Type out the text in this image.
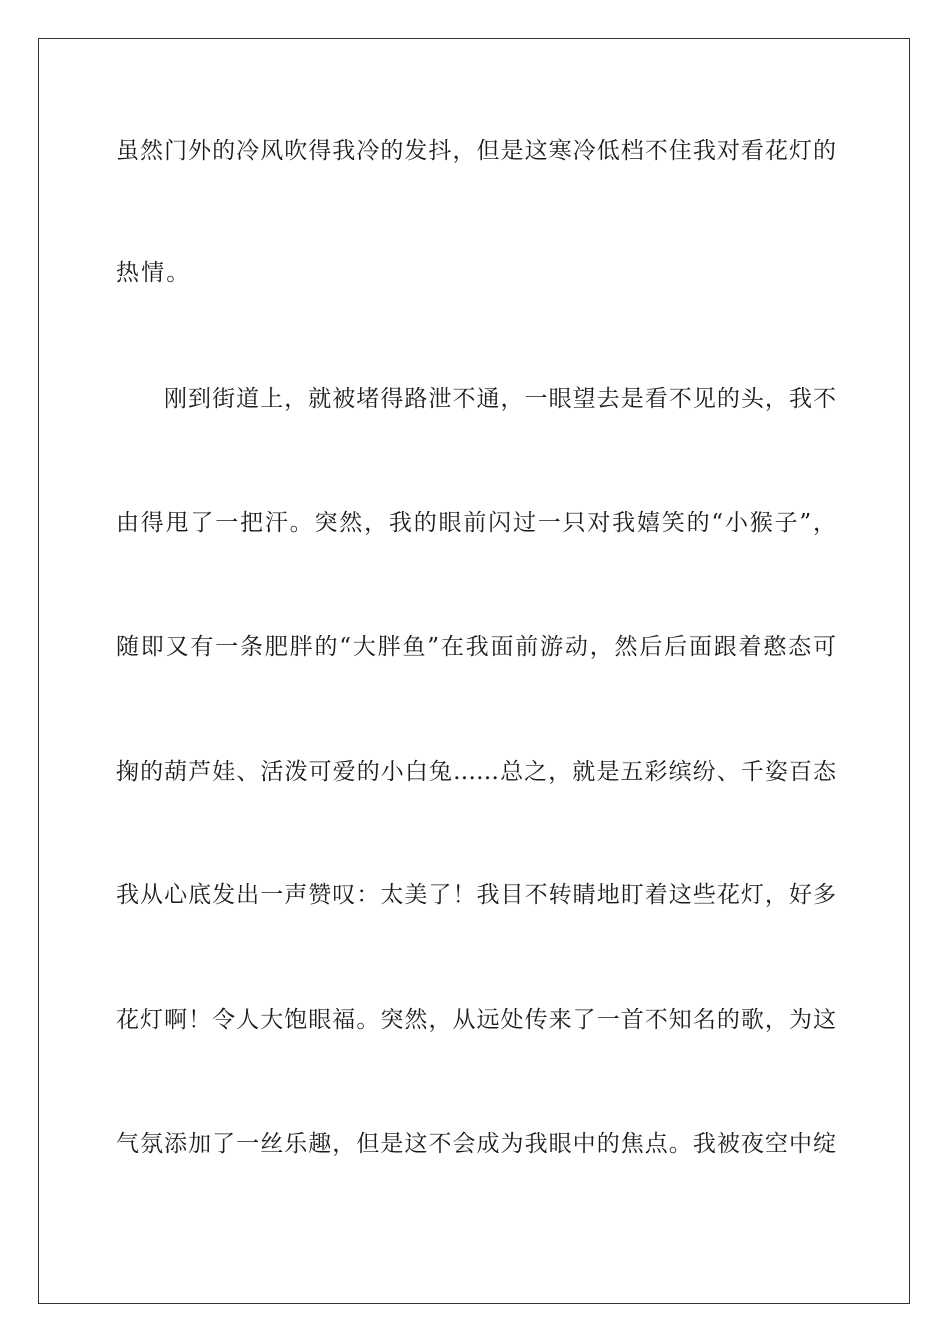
虽然门外的冷风吹得我冷的发抖，但是这寒冷低档不住我对看花灯的
热情。
刚到街道上，就被堵得路泄不通，一眼望去是看不见的头，我不
由得甩了一把汗。突然，我的眼前闪过一只对我嬉笑的“小猴子”，
随即又有一条肥胖的“大胖鱼”在我面前游动，然后后面跟着憨态可
掬的葫芦娃、活泼可爱的小白兔……总之，就是五彩缤纷、千姿百态
我从心底发出一声赞叹：太美了！我目不转睛地盯着这些花灯，好多
花灯啊！令人大饱眼福。突然，从远处传来了一首不知名的歌，为这
气氛添加了一丝乐趣，但是这不会成为我眼中的焦点。我被夜空中绽
